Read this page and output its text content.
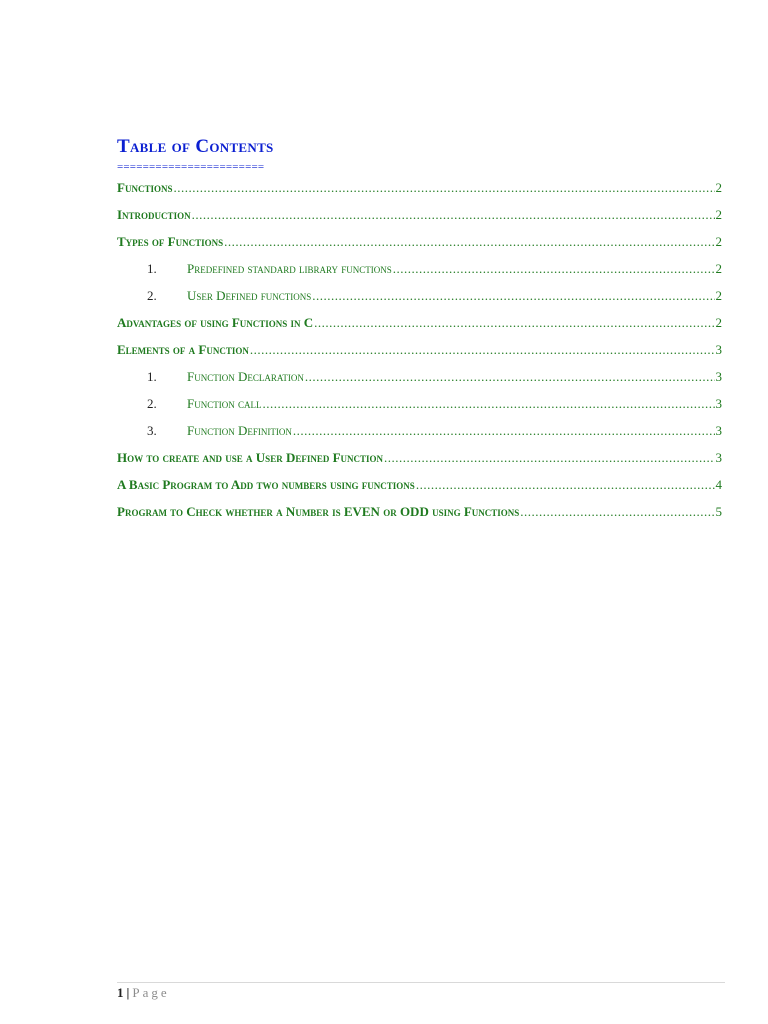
Table of Contents
=======================
Functions .....	2
Introduction .....	2
Types of Functions .....	2
1.	Predefined standard library functions .....	2
2.	User Defined functions .....	2
Advantages of using Functions in C .....	2
Elements of a Function .....	3
1.	Function Declaration .....	3
2.	Function call .....	3
3.	Function Definition .....	3
How to create and use a User Defined Function .....	3
A Basic Program to Add two numbers using functions .....	4
Program to Check whether a Number is EVEN or ODD using Functions .....	5
1 | Page
